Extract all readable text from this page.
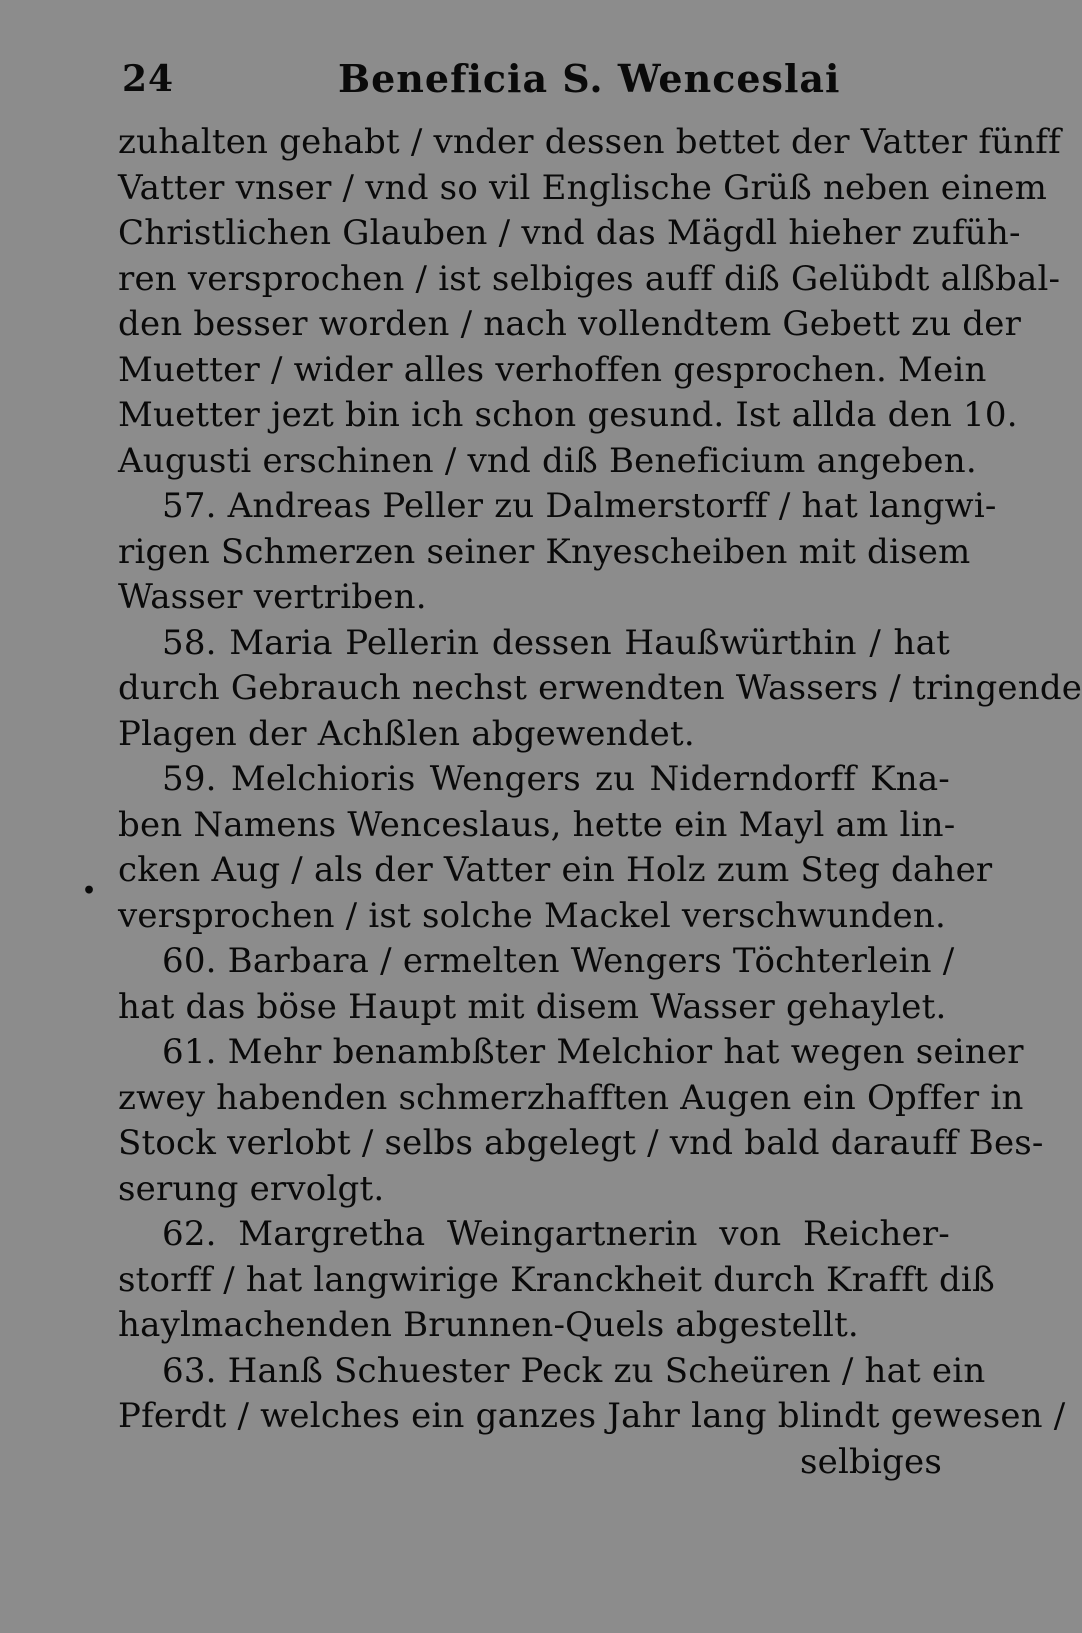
24	Beneficia S. Wenceslai
•
zuhalten gehabt / vnder dessen bettet der Vatter fünff
Vatter vnser / vnd so vil Englische Grüß neben einem
Christlichen Glauben / vnd das Mägdl hieher zufüh-
ren versprochen / ist selbiges auff diß Gelübdt alßbal-
den besser worden / nach vollendtem Gebett zu der
Muetter / wider alles verhoffen gesprochen. Mein
Muetter jezt bin ich schon gesund. Ist allda den 10.
Augusti erschinen / vnd diß Beneficium angeben.
57. Andreas Peller zu Dalmerstorff / hat langwi-
rigen Schmerzen seiner Knyescheiben mit disem
Wasser vertriben.
58. Maria Pellerin dessen Haußwürthin / hat
durch Gebrauch nechst erwendten Wassers / tringende
Plagen der Achßlen abgewendet.
59. Melchioris Wengers zu Niderndorff Kna-
ben Namens Wenceslaus, hette ein Mayl am lin-
cken Aug / als der Vatter ein Holz zum Steg daher
versprochen / ist solche Mackel verschwunden.
60. Barbara / ermelten Wengers Töchterlein /
hat das böse Haupt mit disem Wasser gehaylet.
61. Mehr benambßter Melchior hat wegen seiner
zwey habenden schmerzhafften Augen ein Opffer in
Stock verlobt / selbs abgelegt / vnd bald darauff Bes-
serung ervolgt.
62. Margretha Weingartnerin von Reicher-
storff / hat langwirige Kranckheit durch Krafft diß
haylmachenden Brunnen-Quels abgestellt.
63. Hanß Schuester Peck zu Scheüren / hat ein
Pferdt / welches ein ganzes Jahr lang blindt gewesen /
selbiges
